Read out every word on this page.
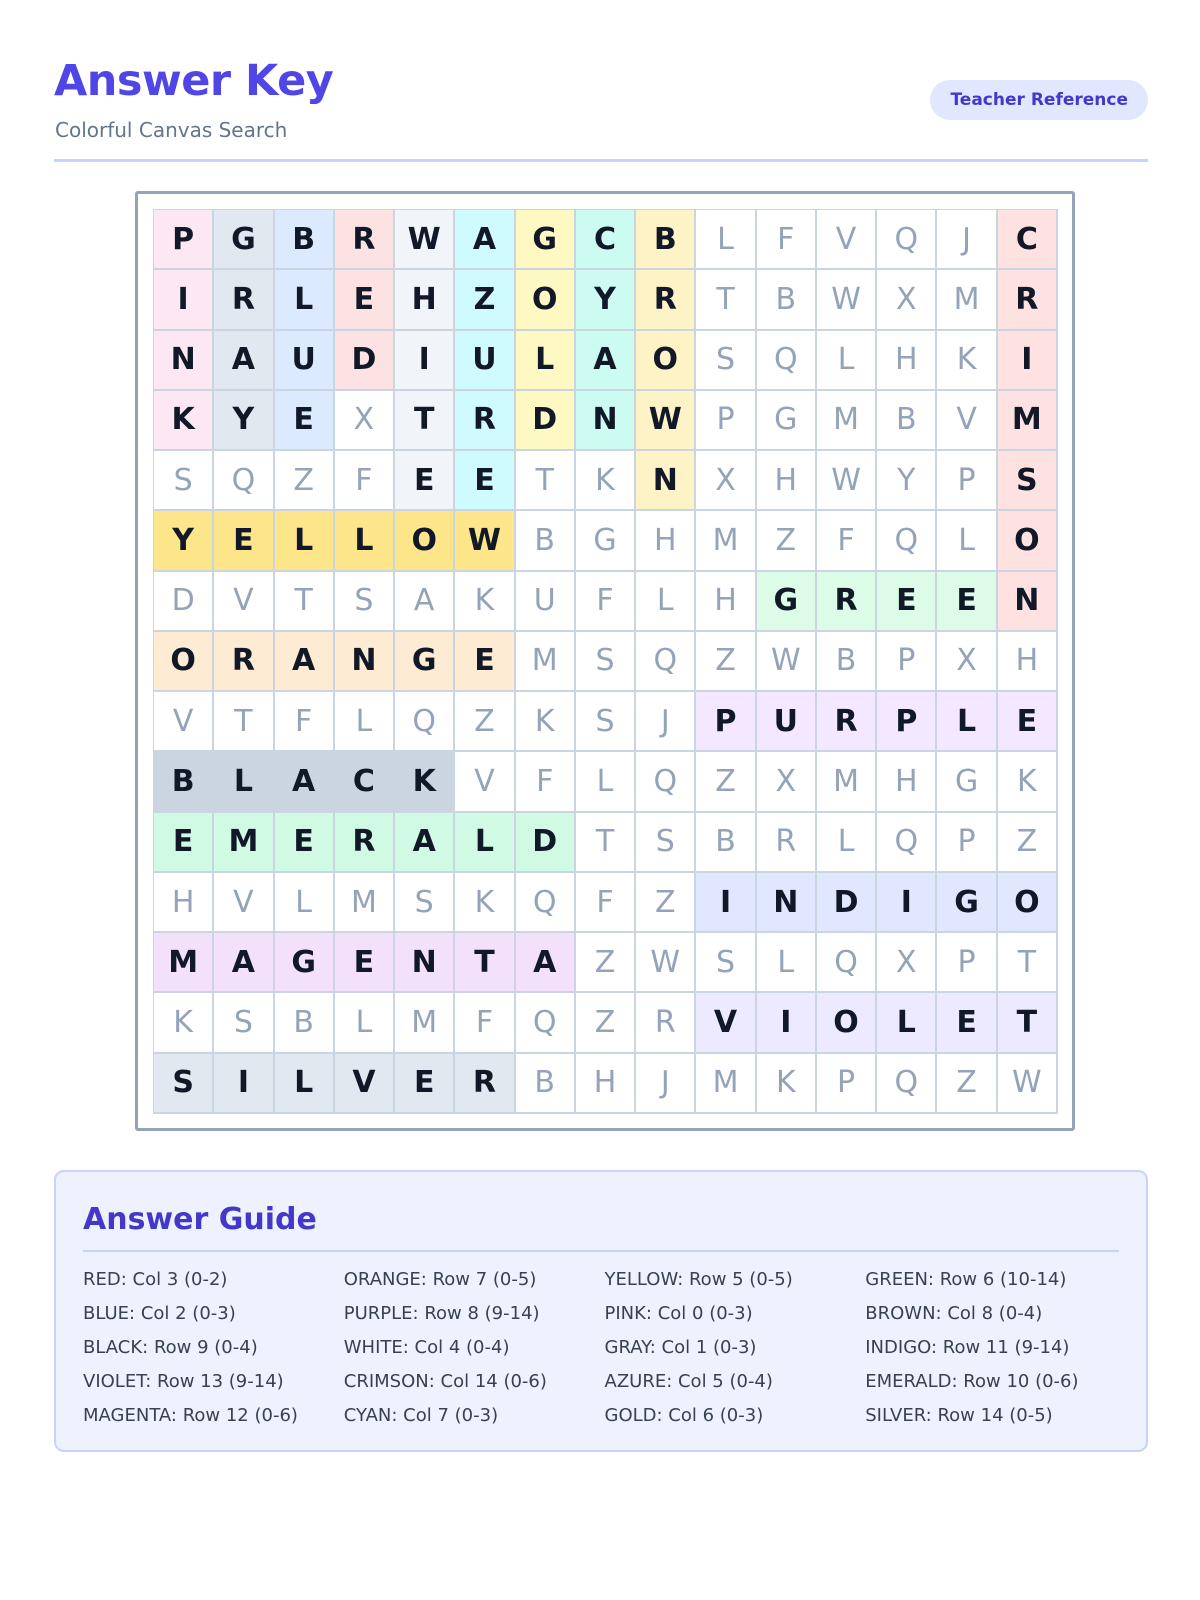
Answer Key
Colorful Canvas Search
Teacher Reference
P	G	B	R	W	A	G	C	B	L	F	V	Q	J	C
I	R	L	E	H	Z	O	Y	R	T	B	W	X	M	R
N	A	U	D	I	U	L	A	O	S	Q	L	H	K	I
K	Y	E	X	T	R	D	N	W	P	G	M	B	V	M
S	Q	Z	F	E	E	T	K	N	X	H	W	Y	P	S
Y	E	L	L	O	W	B	G	H	M	Z	F	Q	L	O
D	V	T	S	A	K	U	F	L	H	G	R	E	E	N
O	R	A	N	G	E	M	S	Q	Z	W	B	P	X	H
V	T	F	L	Q	Z	K	S	J	P	U	R	P	L	E
B	L	A	C	K	V	F	L	Q	Z	X	M	H	G	K
E	M	E	R	A	L	D	T	S	B	R	L	Q	P	Z
H	V	L	M	S	K	Q	F	Z	I	N	D	I	G	O
M	A	G	E	N	T	A	Z	W	S	L	Q	X	P	T
K	S	B	L	M	F	Q	Z	R	V	I	O	L	E	T
S	I	L	V	E	R	B	H	J	M	K	P	Q	Z	W
Answer Guide
RED: Col 3 (0-2)	ORANGE: Row 7 (0-5)	YELLOW: Row 5 (0-5)	GREEN: Row 6 (10-14)
BLUE: Col 2 (0-3)	PURPLE: Row 8 (9-14)	PINK: Col 0 (0-3)	BROWN: Col 8 (0-4)
BLACK: Row 9 (0-4)	WHITE: Col 4 (0-4)	GRAY: Col 1 (0-3)	INDIGO: Row 11 (9-14)
VIOLET: Row 13 (9-14)	CRIMSON: Col 14 (0-6)	AZURE: Col 5 (0-4)	EMERALD: Row 10 (0-6)
MAGENTA: Row 12 (0-6)	CYAN: Col 7 (0-3)	GOLD: Col 6 (0-3)	SILVER: Row 14 (0-5)
